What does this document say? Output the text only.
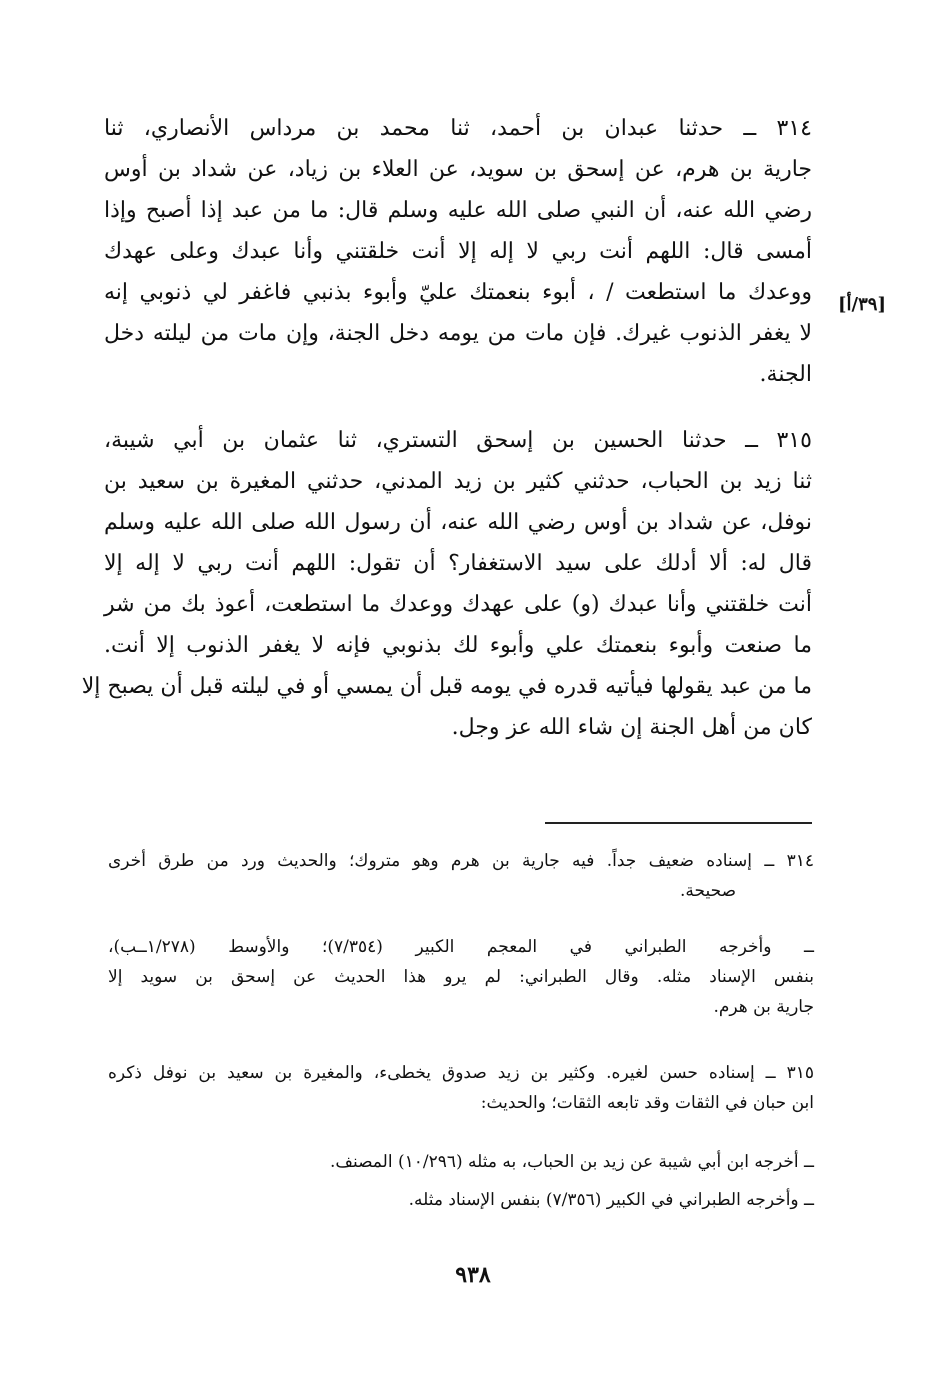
٣١٤ ــ حدثنا عبدان بن أحمد، ثنا محمد بن مرداس الأنصاري، ثنا
جارية بن هرم، عن إسحق بن سويد، عن العلاء بن زياد، عن شداد بن أوس
رضي الله عنه، أن النبي صلى الله عليه وسلم قال: ما من عبد إذا أصبح وإذا
أمسى قال: اللهم أنت ربي لا إله إلا أنت خلقتني وأنا عبدك وعلى عهدك
ووعدك ما استطعت / ، أبوء بنعمتك عليّ وأبوء بذنبي فاغفر لي ذنوبي إنه
لا يغفر الذنوب غيرك. فإن مات من يومه دخل الجنة، وإن مات من ليلته دخل
الجنة.
[٣٩/أ]
٣١٥ ــ حدثنا الحسين بن إسحق التستري، ثنا عثمان بن أبي شيبة،
ثنا زيد بن الحباب، حدثني كثير بن زيد المدني، حدثني المغيرة بن سعيد بن
نوفل، عن شداد بن أوس رضي الله عنه، أن رسول الله صلى الله عليه وسلم
قال له: ألا أدلك على سيد الاستغفار؟ أن تقول: اللهم أنت ربي لا إله إلا
أنت خلقتني وأنا عبدك (و) على عهدك ووعدك ما استطعت، أعوذ بك من شر
ما صنعت وأبوء بنعمتك علي وأبوء لك بذنوبي فإنه لا يغفر الذنوب إلا أنت.
ما من عبد يقولها فيأتيه قدره في يومه قبل أن يمسي أو في ليلته قبل أن يصبح إلا
كان من أهل الجنة إن شاء الله عز وجل.
٣١٤ ــ إسناده ضعيف جداً. فيه جارية بن هرم وهو متروك؛ والحديث ورد من طرق أخرى
صحيحة.
ــ وأخرجه الطبراني في المعجم الكبير (٧/٣٥٤)؛ والأوسط (١/٢٧٨ــب)،
بنفس الإسناد مثله. وقال الطبراني: لم يرو هذا الحديث عن إسحق بن سويد إلا
جارية بن هرم.
٣١٥ ــ إسناده حسن لغيره. وكثير بن زيد صدوق يخطىء، والمغيرة بن سعيد بن نوفل ذكره
ابن حبان في الثقات وقد تابعه الثقات؛ والحديث:
ــ أخرجه ابن أبي شيبة عن زيد بن الحباب، به مثله (١٠/٢٩٦) المصنف.
ــ وأخرجه الطبراني في الكبير (٧/٣٥٦) بنفس الإسناد مثله.
٩٣٨
